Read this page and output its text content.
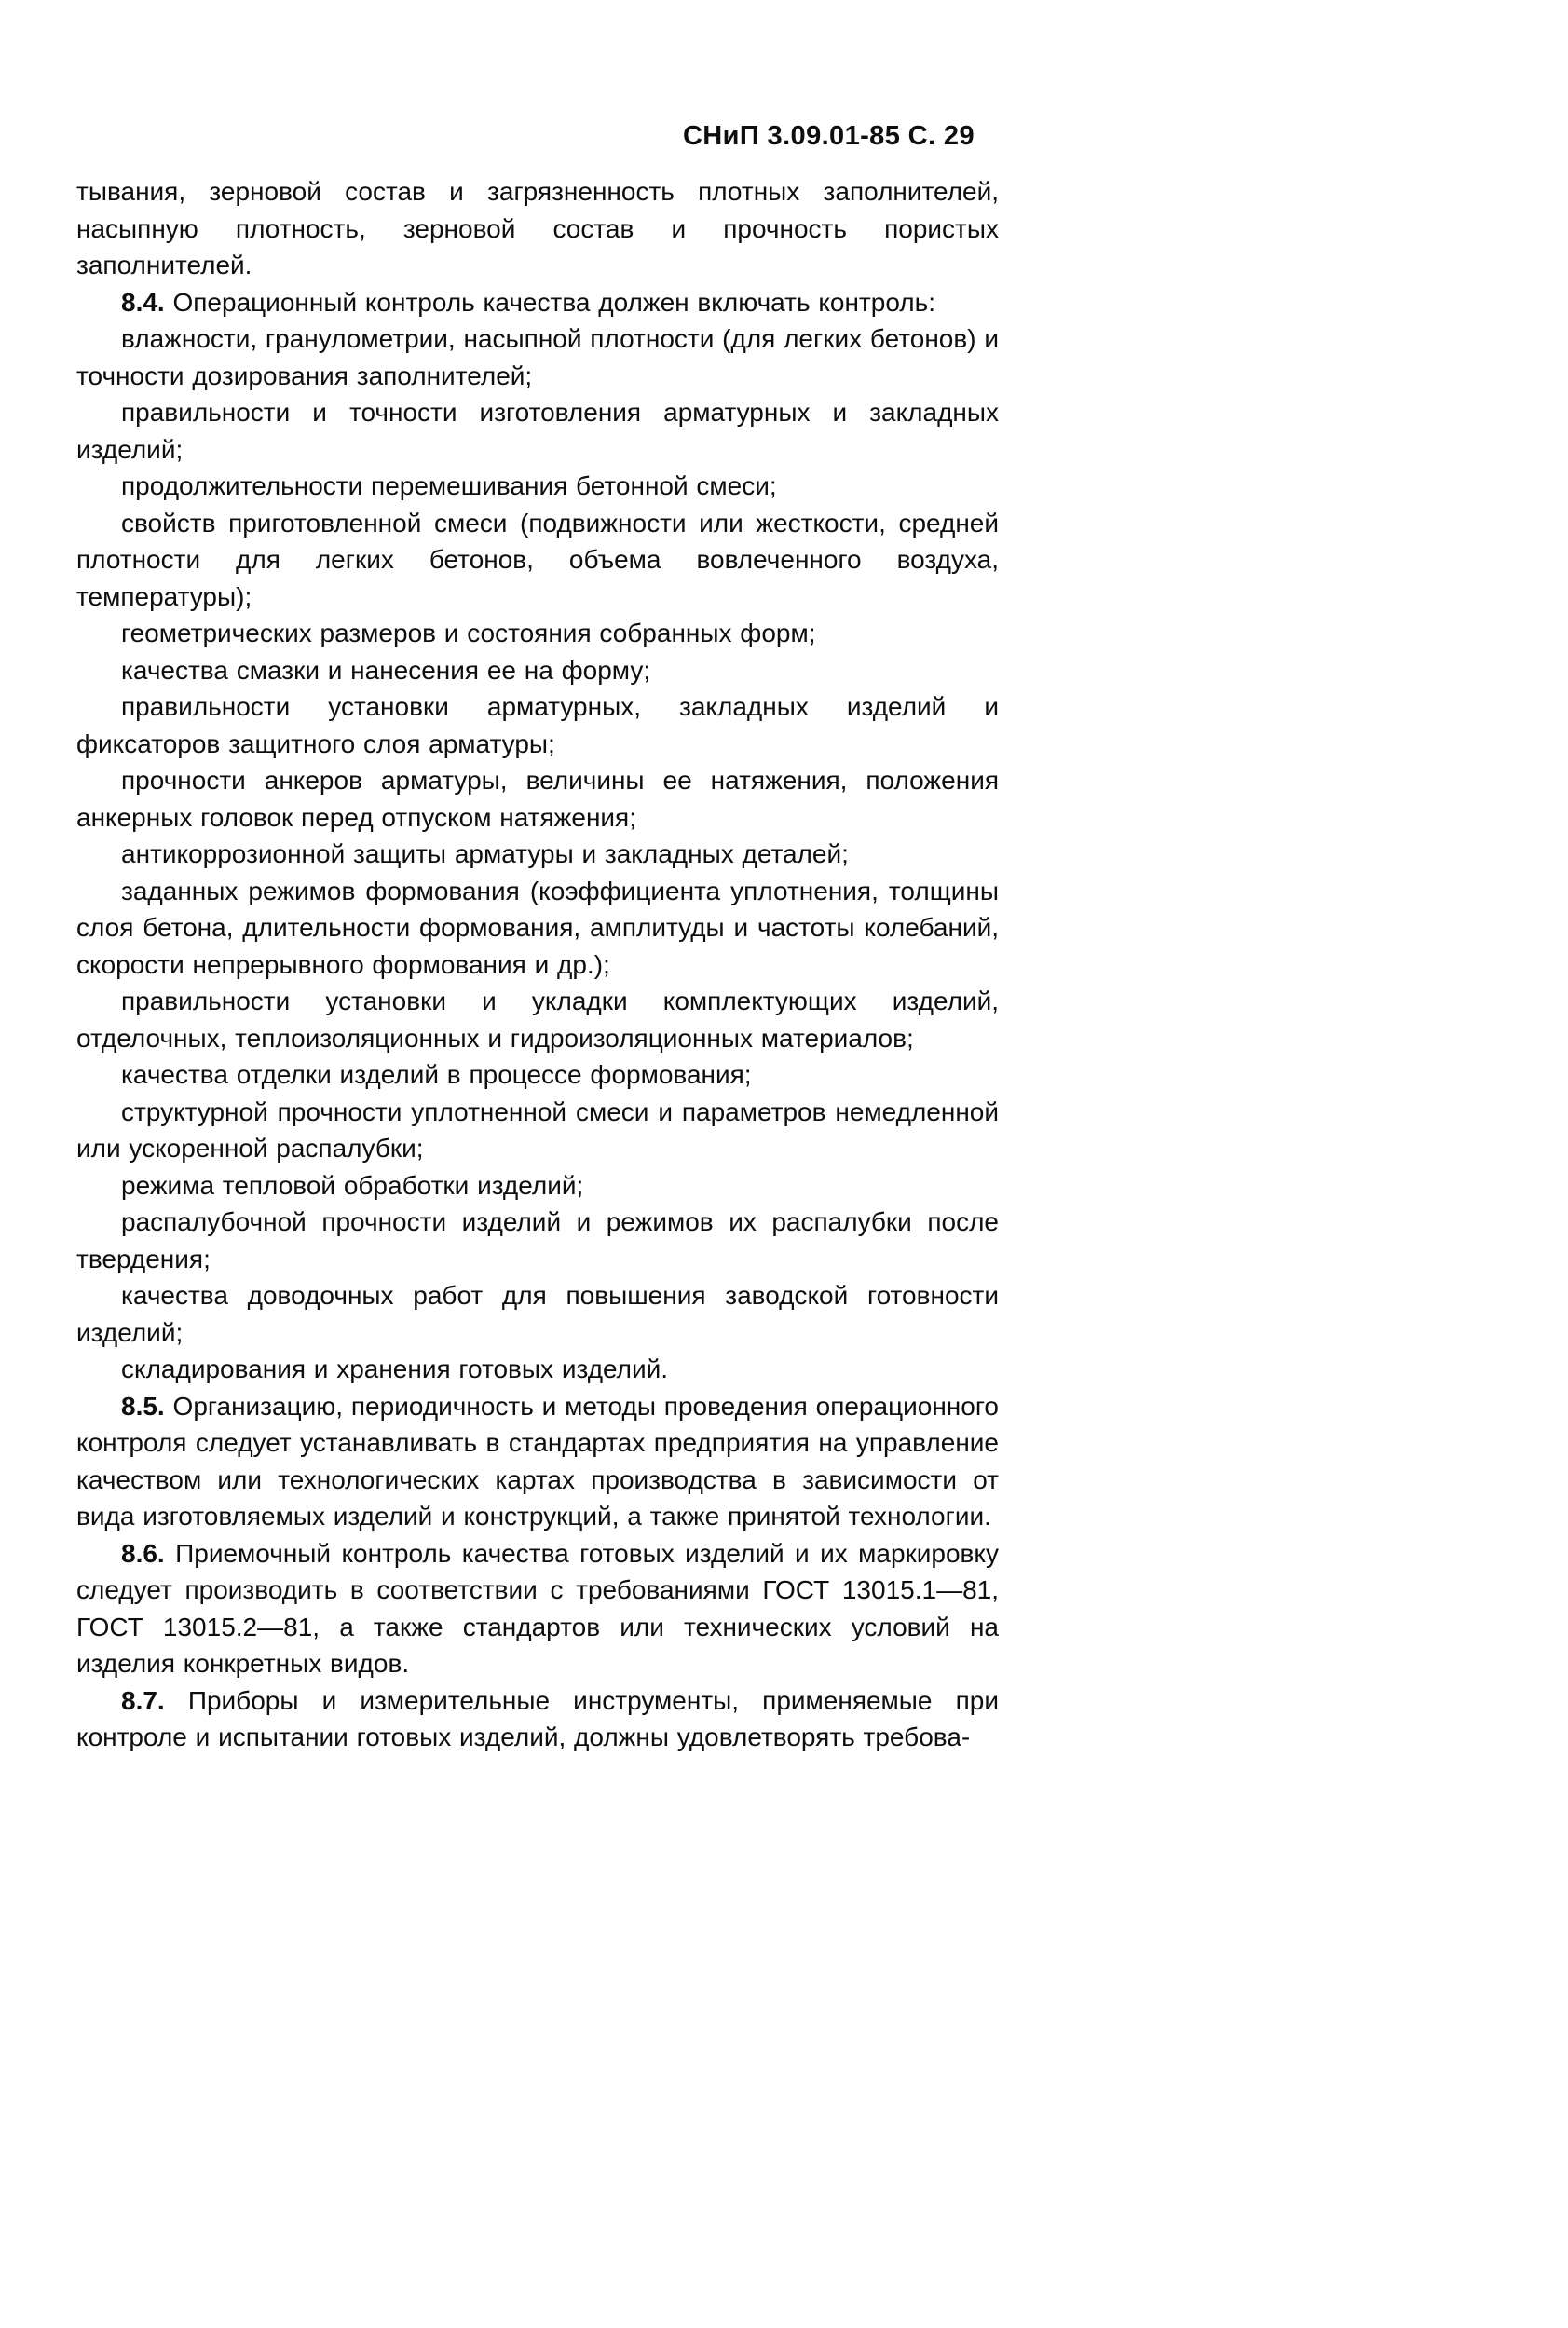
СНиП 3.09.01-85 С. 29

тывания, зерновой состав и загрязненность плотных заполнителей, насыпную плотность, зерновой состав и прочность пористых заполнителей.

8.4. Операционный контроль качества должен включать контроль:

влажности, гранулометрии, насыпной плотности (для легких бетонов) и точности дозирования заполнителей;

правильности и точности изготовления арматурных и закладных изделий;

продолжительности перемешивания бетонной смеси;

свойств приготовленной смеси (подвижности или жесткости, средней плотности для легких бетонов, объема вовлеченного воздуха, температуры);

геометрических размеров и состояния собранных форм;

качества смазки и нанесения ее на форму;

правильности установки арматурных, закладных изделий и фиксаторов защитного слоя арматуры;

прочности анкеров арматуры, величины ее натяжения, положения анкерных головок перед отпуском натяжения;

антикоррозионной защиты арматуры и закладных деталей;

заданных режимов формования (коэффициента уплотнения, толщины слоя бетона, длительности формования, амплитуды и частоты колебаний, скорости непрерывного формования и др.);

правильности установки и укладки комплектующих изделий, отделочных, теплоизоляционных и гидроизоляционных материалов;

качества отделки изделий в процессе формования;

структурной прочности уплотненной смеси и параметров немедленной или ускоренной распалубки;

режима тепловой обработки изделий;

распалубочной прочности изделий и режимов их распалубки после твердения;

качества доводочных работ для повышения заводской готовности изделий;

складирования и хранения готовых изделий.

8.5. Организацию, периодичность и методы проведения операционного контроля следует устанавливать в стандартах предприятия на управление качеством или технологических картах производства в зависимости от вида изготовляемых изделий и конструкций, а также принятой технологии.

8.6. Приемочный контроль качества готовых изделий и их маркировку следует производить в соответствии с требованиями ГОСТ 13015.1—81, ГОСТ 13015.2—81, а также стандартов или технических условий на изделия конкретных видов.

8.7. Приборы и измерительные инструменты, применяемые при контроле и испытании готовых изделий, должны удовлетворять требова-
